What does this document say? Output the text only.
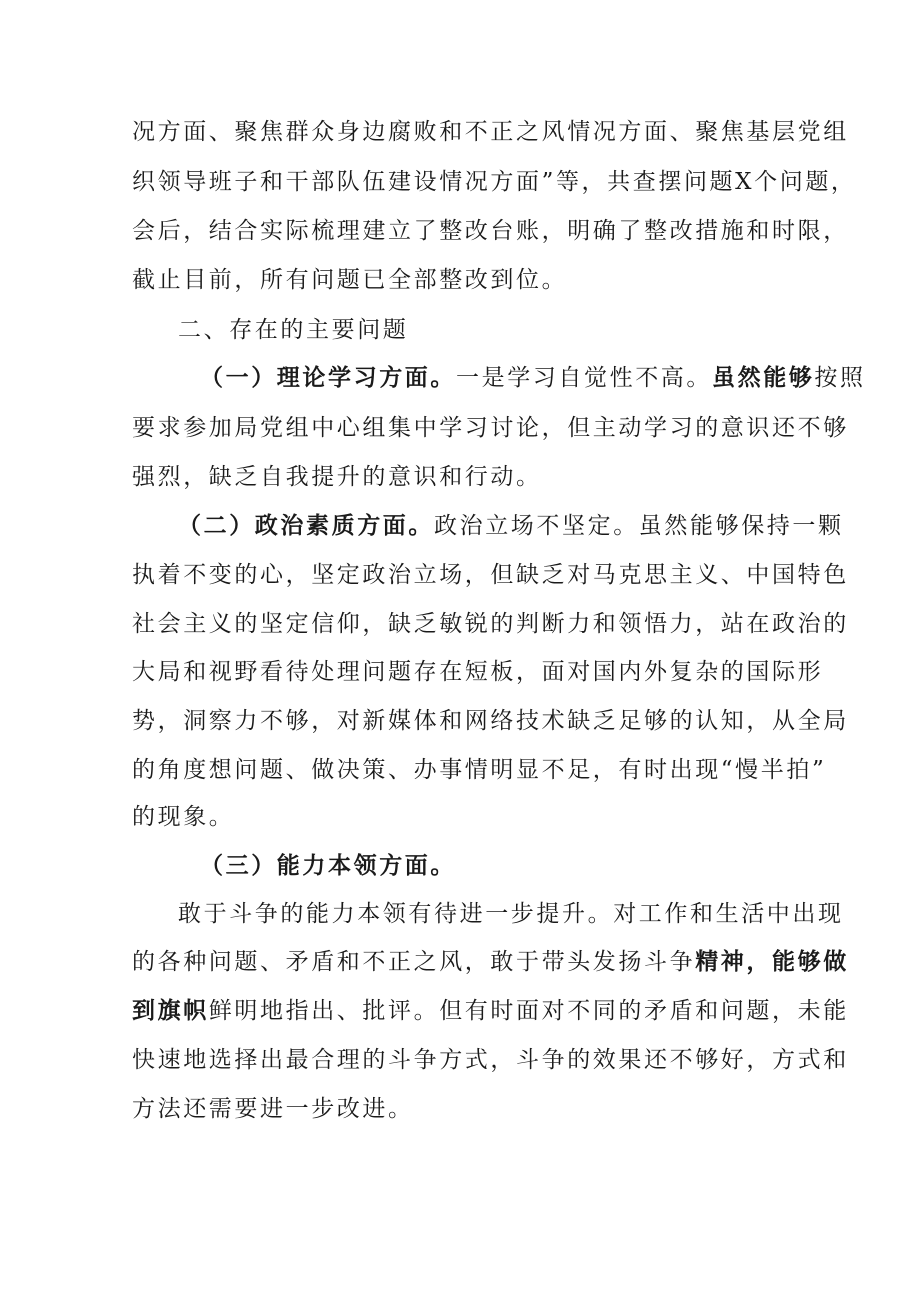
况方面、聚焦群众身边腐败和不正之风情况方面、聚焦基层党组
织领导班子和干部队伍建设情况方面”等，共查摆问题X个问题，
会后，结合实际梳理建立了整改台账，明确了整改措施和时限，
截止目前，所有问题已全部整改到位。
二、存在的主要问题
（一）理论学习方面。一是学习自觉性不高。虽然能够按照
要求参加局党组中心组集中学习讨论，但主动学习的意识还不够
强烈，缺乏自我提升的意识和行动。
（二）政治素质方面。政治立场不坚定。虽然能够保持一颗
执着不变的心，坚定政治立场，但缺乏对马克思主义、中国特色
社会主义的坚定信仰，缺乏敏锐的判断力和领悟力，站在政治的
大局和视野看待处理问题存在短板，面对国内外复杂的国际形
势，洞察力不够，对新媒体和网络技术缺乏足够的认知，从全局
的角度想问题、做决策、办事情明显不足，有时出现“慢半拍”
的现象。
（三）能力本领方面。
敢于斗争的能力本领有待进一步提升。对工作和生活中出现
的各种问题、矛盾和不正之风，敢于带头发扬斗争精神，能够做
到旗帜鲜明地指出、批评。但有时面对不同的矛盾和问题，未能
快速地选择出最合理的斗争方式，斗争的效果还不够好，方式和
方法还需要进一步改进。
